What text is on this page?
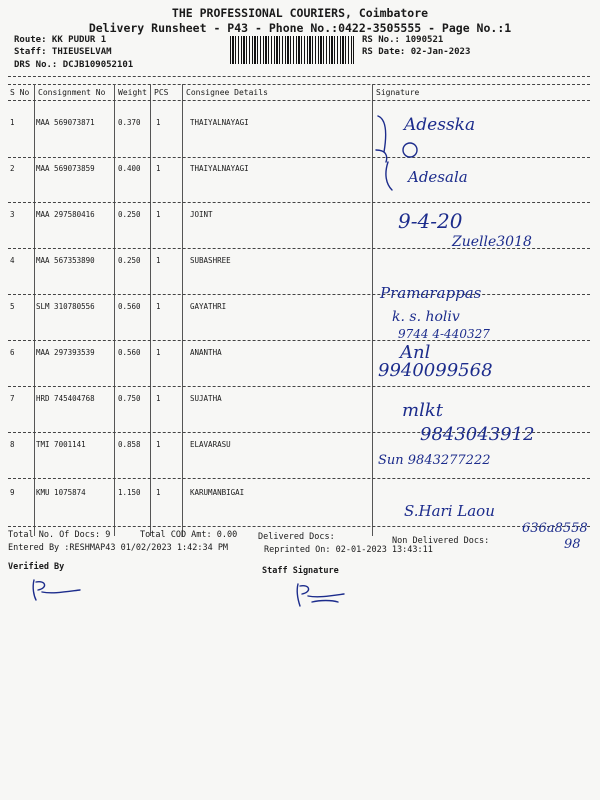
THE PROFESSIONAL COURIERS, Coimbatore
Delivery Runsheet - P43 - Phone No.:0422-3505555 - Page No.:1
Route: KK PUDUR 1
Staff: THIEUSELVAM
DRS No.: DCJB109052101
RS No.: 1090521
RS Date: 02-Jan-2023
S No Consignment No Weight PCS Consignee Details	Signature
1	MAA 569073871	0.370 1	THAIYALNAYAGI
2	MAA 569073859	0.400 1	THAIYALNAYAGI
3	MAA 297580416	0.250 1	JOINT
4	MAA 567353890	0.250 1	SUBASHREE
5	SLM 310780556	0.560 1	GAYATHRI
6	MAA 297393539	0.560 1	ANANTHA
7	HRD 745404768	0.750 1	SUJATHA
8	TMI 7001141	0.858 1	ELAVARASU
9	KMU 1075874	1.150 1	KARUMANBIGAI
Adesska
Adesala
9-4-20
Zuelle3018
Pramarappas
k. s. holiv
9744 4-440327
Anl
9940099568
mlkt
9843043912
Sun 9843277222
S.Hari Laou
636a8558
98
Total No. Of Docs: 9	Total COD Amt: 0.00 Delivered Docs:	Non Delivered Docs:
Entered By :RESHMAP43 01/02/2023 1:42:34 PM	Reprinted On: 02-01-2023 13:43:11
Verified By	Staff Signature
